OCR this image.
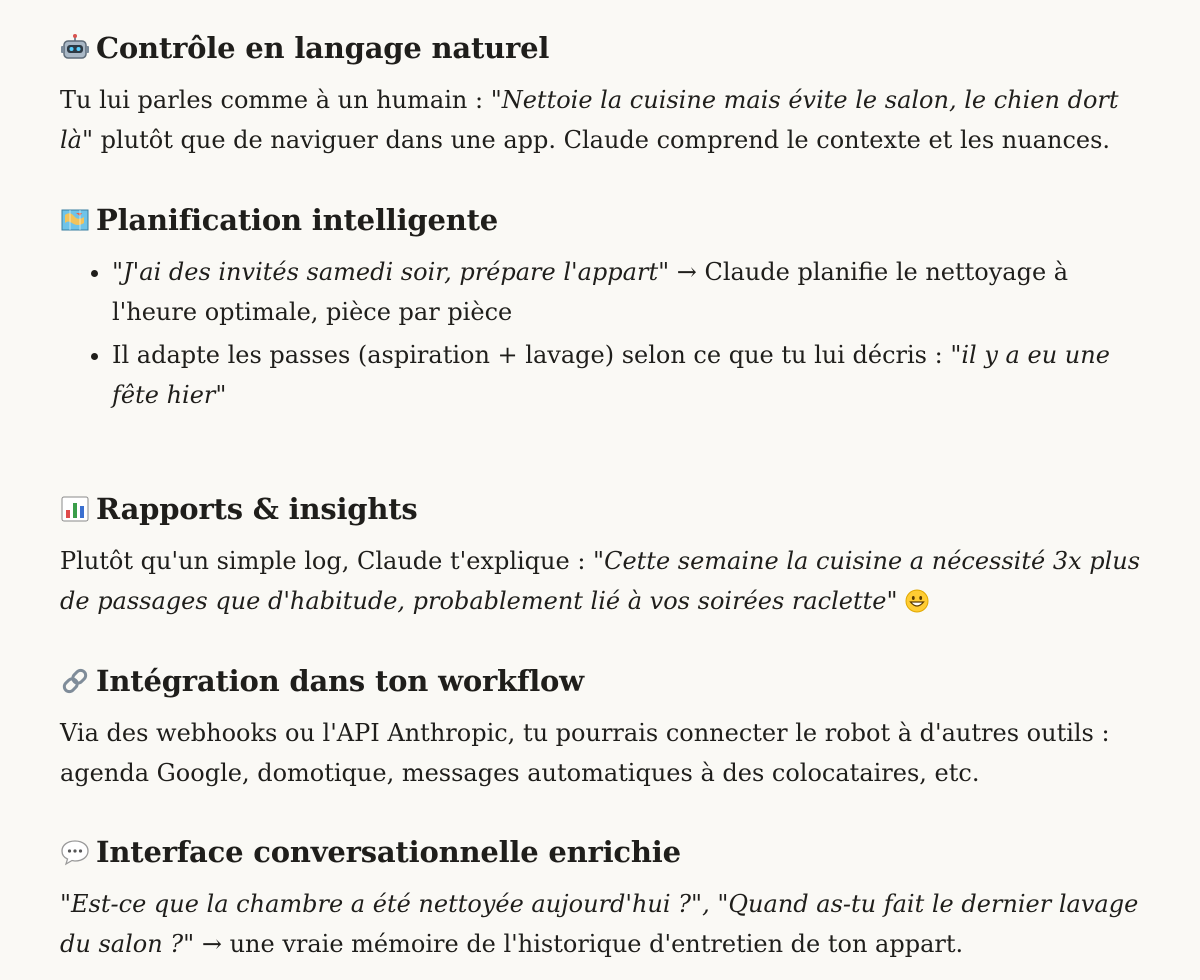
Contrôle en langage naturel

Tu lui parles comme à un humain : "Nettoie la cuisine mais évite le salon, le chien dort là" plutôt que de naviguer dans une app. Claude comprend le contexte et les nuances.

Planification intelligente
• "J'ai des invités samedi soir, prépare l'appart" → Claude planifie le nettoyage à l'heure optimale, pièce par pièce
• Il adapte les passes (aspiration + lavage) selon ce que tu lui décris : "il y a eu une fête hier"
Rapports & insights

Plutôt qu'un simple log, Claude t'explique : "Cette semaine la cuisine a nécessité 3x plus de passages que d'habitude, probablement lié à vos soirées raclette"

Intégration dans ton workflow

Via des webhooks ou l'API Anthropic, tu pourrais connecter le robot à d'autres outils : agenda Google, domotique, messages automatiques à des colocataires, etc.

Interface conversationnelle enrichie

"Est-ce que la chambre a été nettoyée aujourd'hui ?", "Quand as-tu fait le dernier lavage du salon ?" → une vraie mémoire de l'historique d'entretien de ton appart.
